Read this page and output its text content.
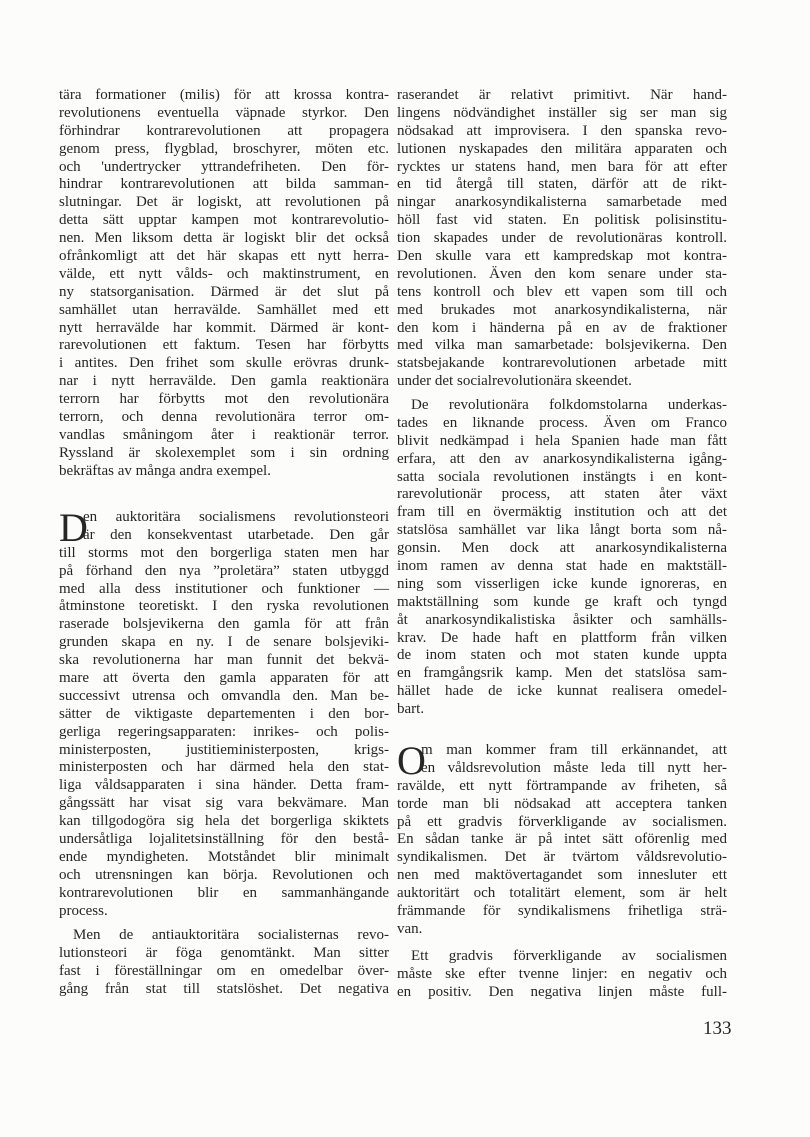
tära formationer (milis) för att krossa kontra-
revolutionens eventuella väpnade styrkor. Den
förhindrar kontrarevolutionen att propagera
genom press, flygblad, broschyrer, möten etc.
och 'undertrycker yttrandefriheten. Den för-
hindrar kontrarevolutionen att bilda samman-
slutningar. Det är logiskt, att revolutionen på
detta sätt upptar kampen mot kontrarevolutio-
nen. Men liksom detta är logiskt blir det också
ofrånkomligt att det här skapas ett nytt herra-
välde, ett nytt vålds- och maktinstrument, en
ny statsorganisation. Därmed är det slut på
samhället utan herravälde. Samhället med ett
nytt herravälde har kommit. Därmed är kont-
rarevolutionen ett faktum. Tesen har förbytts
i antites. Den frihet som skulle erövras drunk-
nar i nytt herravälde. Den gamla reaktionära
terrorn har förbytts mot den revolutionära
terrorn, och denna revolutionära terror om-
vandlas småningom åter i reaktionär terror.
Ryssland är skolexemplet som i sin ordning
bekräftas av många andra exempel.
D
en auktoritära socialismens revolutionsteori
är den konsekventast utarbetade. Den går
till storms mot den borgerliga staten men har
på förhand den nya ”proletära” staten utbyggd
med alla dess institutioner och funktioner —
åtminstone teoretiskt. I den ryska revolutionen
raserade bolsjevikerna den gamla för att från
grunden skapa en ny. I de senare bolsjeviki-
ska revolutionerna har man funnit det bekvä-
mare att överta den gamla apparaten för att
successivt utrensa och omvandla den. Man be-
sätter de viktigaste departementen i den bor-
gerliga regeringsapparaten: inrikes- och polis-
ministerposten, justitieministerposten, krigs-
ministerposten och har därmed hela den stat-
liga våldsapparaten i sina händer. Detta fram-
gångssätt har visat sig vara bekvämare. Man
kan tillgodogöra sig hela det borgerliga skiktets
undersåtliga lojalitetsinställning för den bestå-
ende myndigheten. Motståndet blir minimalt
och utrensningen kan börja. Revolutionen och
kontrarevolutionen blir en sammanhängande
process.
Men de antiauktoritära socialisternas revo-
lutionsteori är föga genomtänkt. Man sitter
fast i föreställningar om en omedelbar över-
gång från stat till statslöshet. Det negativa
raserandet är relativt primitivt. När hand-
lingens nödvändighet inställer sig ser man sig
nödsakad att improvisera. I den spanska revo-
lutionen nyskapades den militära apparaten och
rycktes ur statens hand, men bara för att efter
en tid återgå till staten, därför att de rikt-
ningar anarkosyndikalisterna samarbetade med
höll fast vid staten. En politisk polisinstitu-
tion skapades under de revolutionäras kontroll.
Den skulle vara ett kampredskap mot kontra-
revolutionen. Även den kom senare under sta-
tens kontroll och blev ett vapen som till och
med brukades mot anarkosyndikalisterna, när
den kom i händerna på en av de fraktioner
med vilka man samarbetade: bolsjevikerna. Den
statsbejakande kontrarevolutionen arbetade mitt
under det socialrevolutionära skeendet.
De revolutionära folkdomstolarna underkas-
tades en liknande process. Även om Franco
blivit nedkämpad i hela Spanien hade man fått
erfara, att den av anarkosyndikalisterna igång-
satta sociala revolutionen instängts i en kont-
rarevolutionär process, att staten åter växt
fram till en övermäktig institution och att det
statslösa samhället var lika långt borta som nå-
gonsin. Men dock att anarkosyndikalisterna
inom ramen av denna stat hade en maktställ-
ning som visserligen icke kunde ignoreras, en
maktställning som kunde ge kraft och tyngd
åt anarkosyndikalistiska åsikter och samhälls-
krav. De hade haft en plattform från vilken
de inom staten och mot staten kunde uppta
en framgångsrik kamp. Men det statslösa sam-
hället hade de icke kunnat realisera omedel-
bart.
O
m man kommer fram till erkännandet, att
en våldsrevolution måste leda till nytt her-
ravälde, ett nytt förtrampande av friheten, så
torde man bli nödsakad att acceptera tanken
på ett gradvis förverkligande av socialismen.
En sådan tanke är på intet sätt oförenlig med
syndikalismen. Det är tvärtom våldsrevolutio-
nen med maktövertagandet som innesluter ett
auktoritärt och totalitärt element, som är helt
främmande för syndikalismens frihetliga strä-
van.
Ett gradvis förverkligande av socialismen
måste ske efter tvenne linjer: en negativ och
en positiv. Den negativa linjen måste full-
133
